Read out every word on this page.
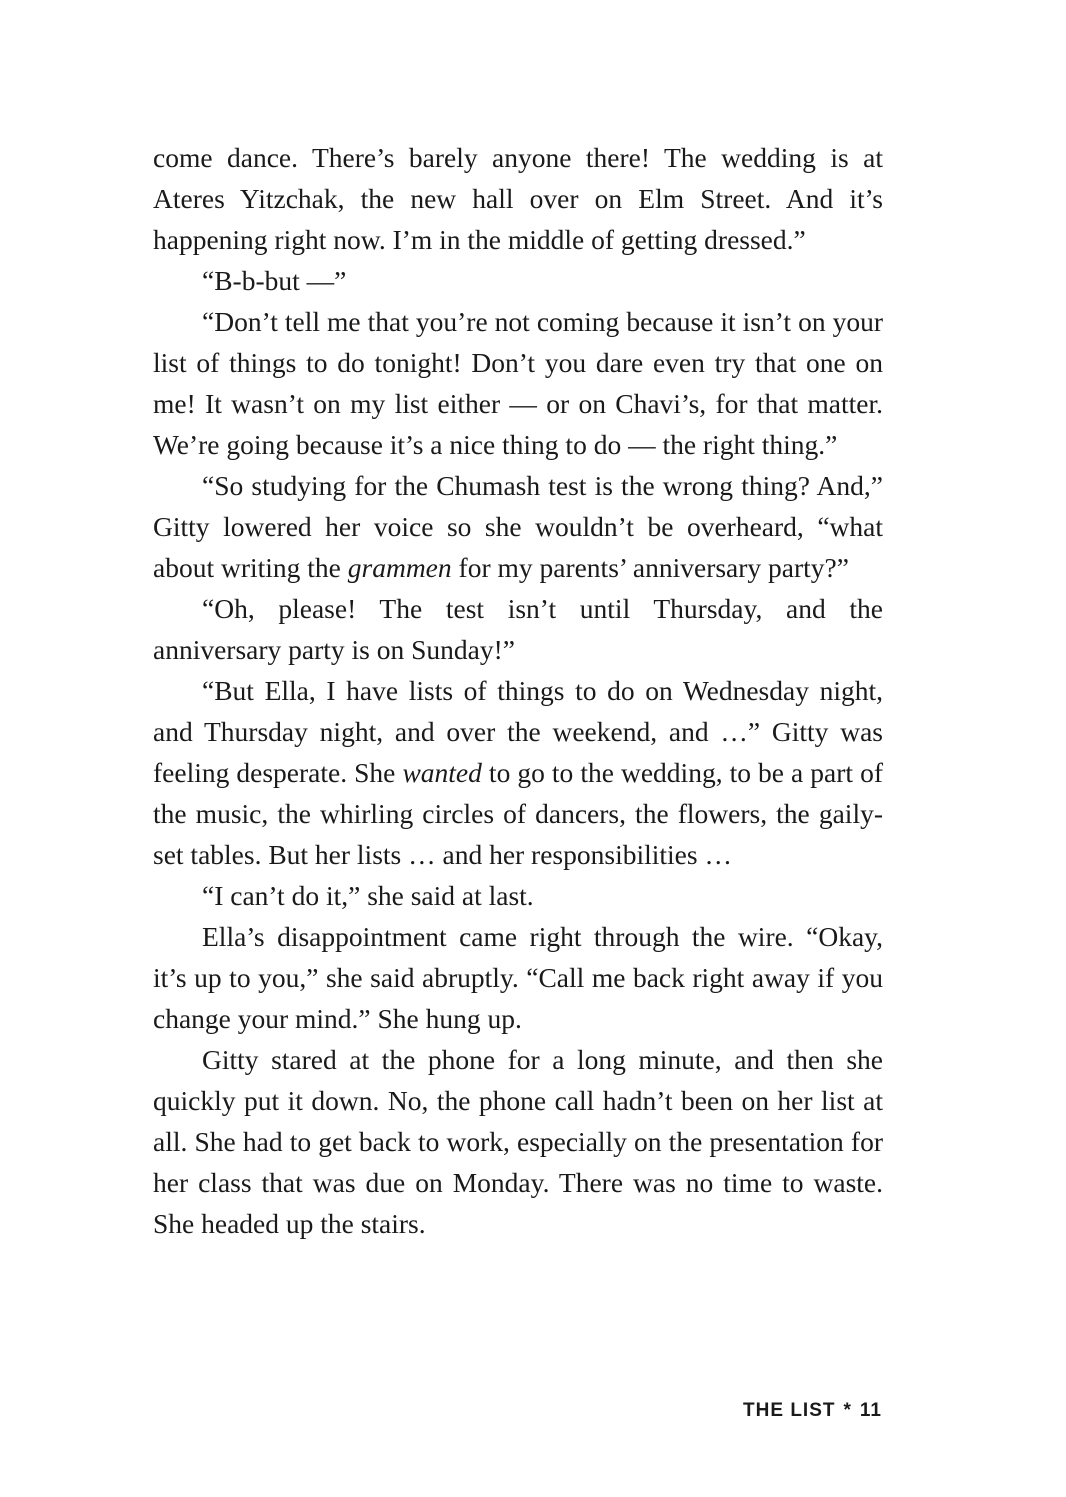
come dance. There’s barely anyone there! The wedding is at Ateres Yitzchak, the new hall over on Elm Street. And it’s happening right now. I’m in the middle of getting dressed.”

“B-b-but —”

“Don’t tell me that you’re not coming because it isn’t on your list of things to do tonight! Don’t you dare even try that one on me! It wasn’t on my list either — or on Chavi’s, for that matter. We’re going because it’s a nice thing to do — the right thing.”

“So studying for the Chumash test is the wrong thing? And,” Gitty lowered her voice so she wouldn’t be overheard, “what about writing the grammen for my parents’ anniversary party?”

“Oh, please! The test isn’t until Thursday, and the anniversary party is on Sunday!”

“But Ella, I have lists of things to do on Wednesday night, and Thursday night, and over the weekend, and …” Gitty was feeling desperate. She wanted to go to the wedding, to be a part of the music, the whirling circles of dancers, the flowers, the gaily-set tables. But her lists … and her responsibilities …

“I can’t do it,” she said at last.

Ella’s disappointment came right through the wire. “Okay, it’s up to you,” she said abruptly. “Call me back right away if you change your mind.” She hung up.

Gitty stared at the phone for a long minute, and then she quickly put it down. No, the phone call hadn’t been on her list at all. She had to get back to work, especially on the presentation for her class that was due on Monday. There was no time to waste. She headed up the stairs.

THE LIST * 11
